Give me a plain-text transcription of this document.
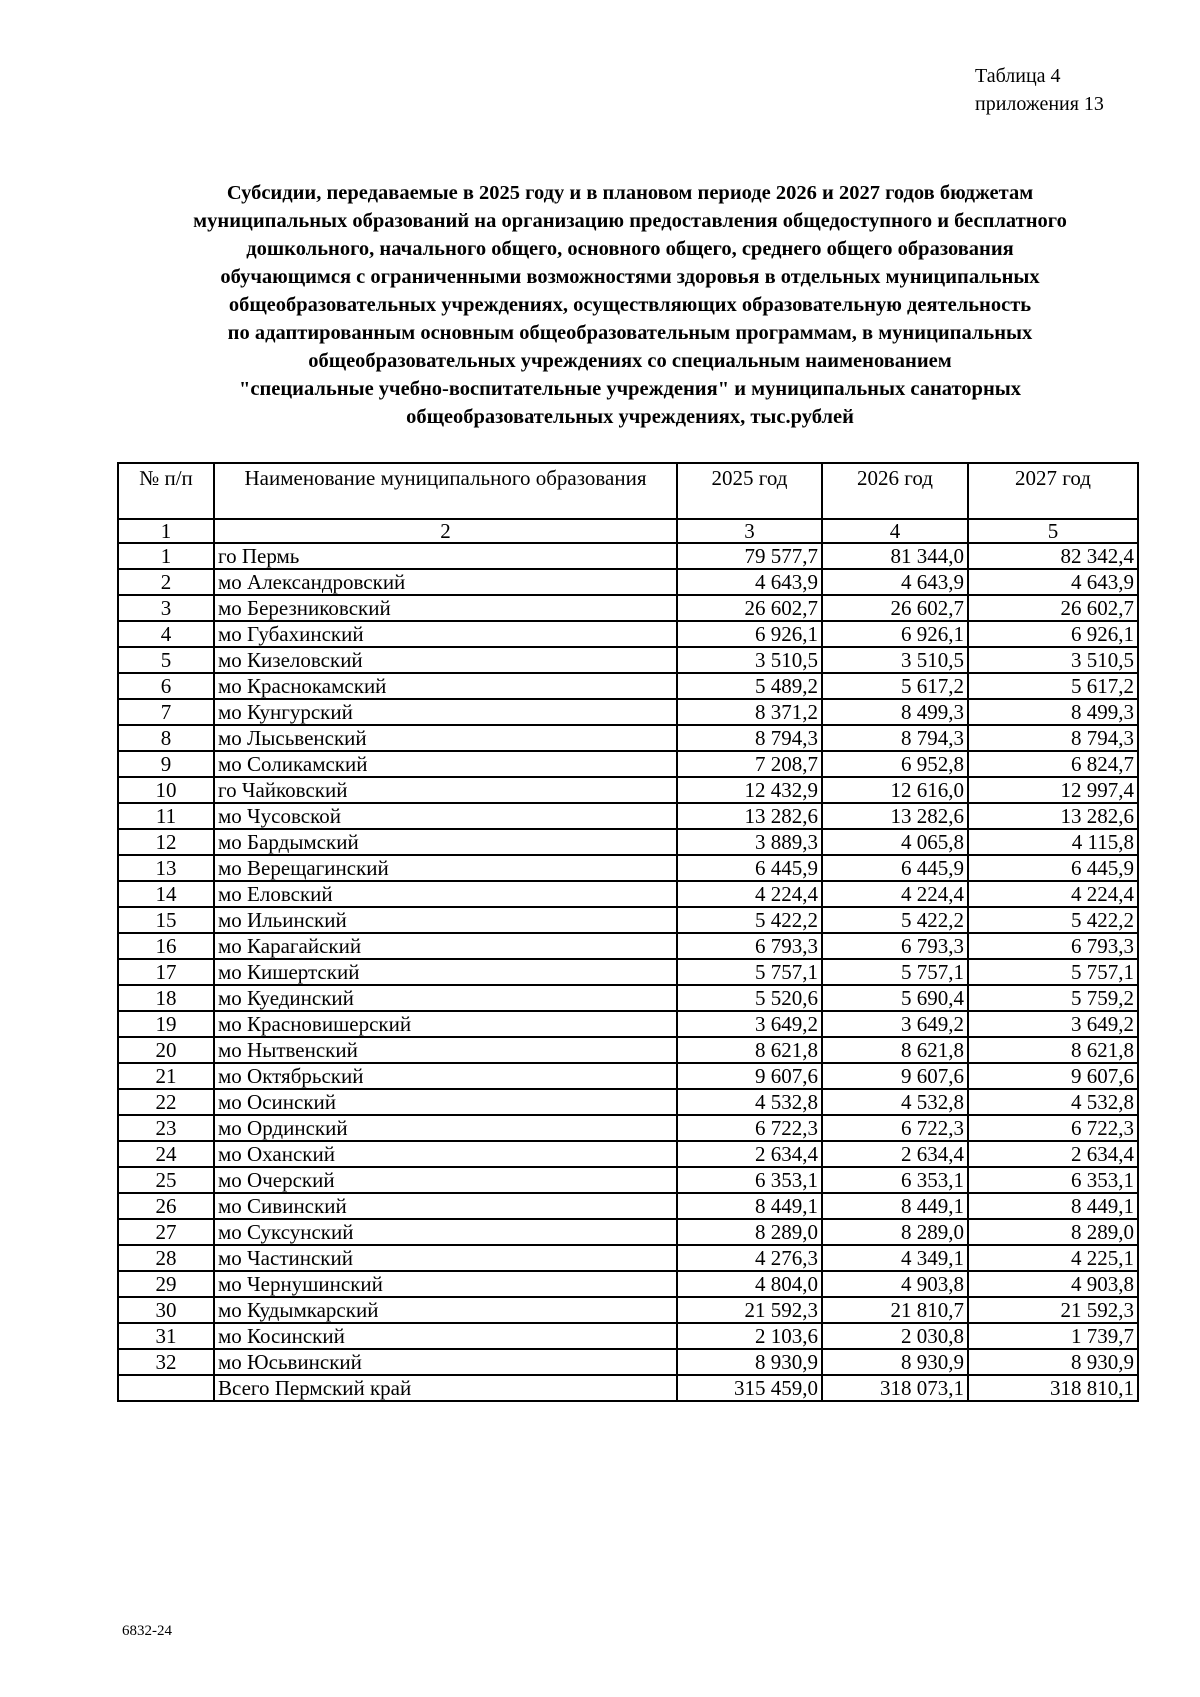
Таблица 4
приложения 13
Субсидии, передаваемые в 2025 году и в плановом периоде 2026 и 2027 годов бюджетам
муниципальных образований на организацию предоставления общедоступного и бесплатного
дошкольного, начального общего, основного общего, среднего общего образования
обучающимся с ограниченными возможностями здоровья в отдельных муниципальных
общеобразовательных учреждениях, осуществляющих образовательную деятельность
по адаптированным основным общеобразовательным программам, в муниципальных
общеобразовательных учреждениях со специальным наименованием
"специальные учебно-воспитательные учреждения" и муниципальных санаторных
общеобразовательных учреждениях, тыс.рублей
№ п/п	Наименование муниципального образования	2025 год	2026 год	2027 год
1	2	3	4	5
1	го Пермь	79 577,7	81 344,0	82 342,4
2	мо Александровский	4 643,9	4 643,9	4 643,9
3	мо Березниковский	26 602,7	26 602,7	26 602,7
4	мо Губахинский	6 926,1	6 926,1	6 926,1
5	мо Кизеловский	3 510,5	3 510,5	3 510,5
6	мо Краснокамский	5 489,2	5 617,2	5 617,2
7	мо Кунгурский	8 371,2	8 499,3	8 499,3
8	мо Лысьвенский	8 794,3	8 794,3	8 794,3
9	мо Соликамский	7 208,7	6 952,8	6 824,7
10	го Чайковский	12 432,9	12 616,0	12 997,4
11	мо Чусовской	13 282,6	13 282,6	13 282,6
12	мо Бардымский	3 889,3	4 065,8	4 115,8
13	мо Верещагинский	6 445,9	6 445,9	6 445,9
14	мо Еловский	4 224,4	4 224,4	4 224,4
15	мо Ильинский	5 422,2	5 422,2	5 422,2
16	мо Карагайский	6 793,3	6 793,3	6 793,3
17	мо Кишертский	5 757,1	5 757,1	5 757,1
18	мо Куединский	5 520,6	5 690,4	5 759,2
19	мо Красновишерский	3 649,2	3 649,2	3 649,2
20	мо Нытвенский	8 621,8	8 621,8	8 621,8
21	мо Октябрьский	9 607,6	9 607,6	9 607,6
22	мо Осинский	4 532,8	4 532,8	4 532,8
23	мо Ординский	6 722,3	6 722,3	6 722,3
24	мо Оханский	2 634,4	2 634,4	2 634,4
25	мо Очерский	6 353,1	6 353,1	6 353,1
26	мо Сивинский	8 449,1	8 449,1	8 449,1
27	мо Суксунский	8 289,0	8 289,0	8 289,0
28	мо Частинский	4 276,3	4 349,1	4 225,1
29	мо Чернушинский	4 804,0	4 903,8	4 903,8
30	мо Кудымкарский	21 592,3	21 810,7	21 592,3
31	мо Косинский	2 103,6	2 030,8	1 739,7
32	мо Юсьвинский	8 930,9	8 930,9	8 930,9
	Всего Пермский край	315 459,0	318 073,1	318 810,1
6832-24
